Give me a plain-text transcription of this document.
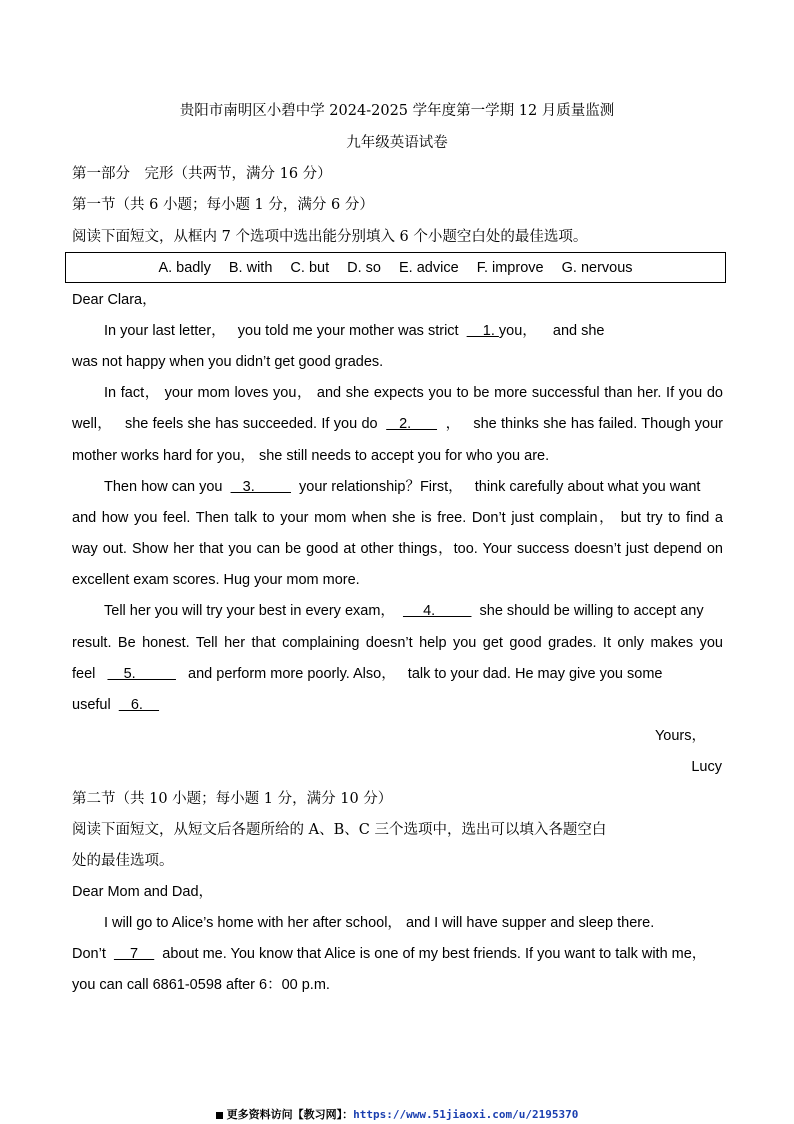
贵阳市南明区小碧中学 2024-2025 学年度第一学期 12 月质量监测
九年级英语试卷
第一部分　完形（共两节，满分 16 分）
第一节（共 6 小题；每小题 1 分，满分 6 分）
阅读下面短文，从框内 7 个选项中选出能分别填入 6 个小题空白处的最佳选项。
A. badly B. with C. but D. so E. advice F. improve G. nervous
Dear Clara，
In your last letter，   you told me your mother was strict      1. you，    and she
was not happy when you didn’t get good grades.
In fact， your mom loves you， and she expects you to be more successful than her. If you do
well，   she feels she has succeeded. If you do     2.        ，   she thinks she has failed. Though your
mother works hard for you， she still needs to accept you for who you are.
Then how can you     3.           your relationship？First，   think carefully about what you want
and how you feel. Then talk to your mom when she is free. Don’t just complain， but try to find a
way out. Show her that you can be good at other things，too. Your success doesn’t just depend on
excellent exam scores. Hug your mom more.
Tell her you will try your best in every exam，       4.           she should be willing to accept any
result. Be honest. Tell her that complaining doesn’t help you get good grades. It only makes you
feel       5.             and perform more poorly. Also，   talk to your dad. He may give you some
useful     6.
Yours，
Lucy
第二节（共 10 小题；每小题 1 分，满分 10 分）
阅读下面短文，从短文后各题所给的 A、B、C 三个选项中，选出可以填入各题空白
处的最佳选项。
Dear Mom and Dad，
I will go to Alice’s home with her after school， and I will have supper and sleep there.
Don’t      7      about me. You know that Alice is one of my best friends. If you want to talk with me，
you can call 6861-0598 after 6：00 p.m.
更多资料访问【教习网】：https://www.51jiaoxi.com/u/2195370
